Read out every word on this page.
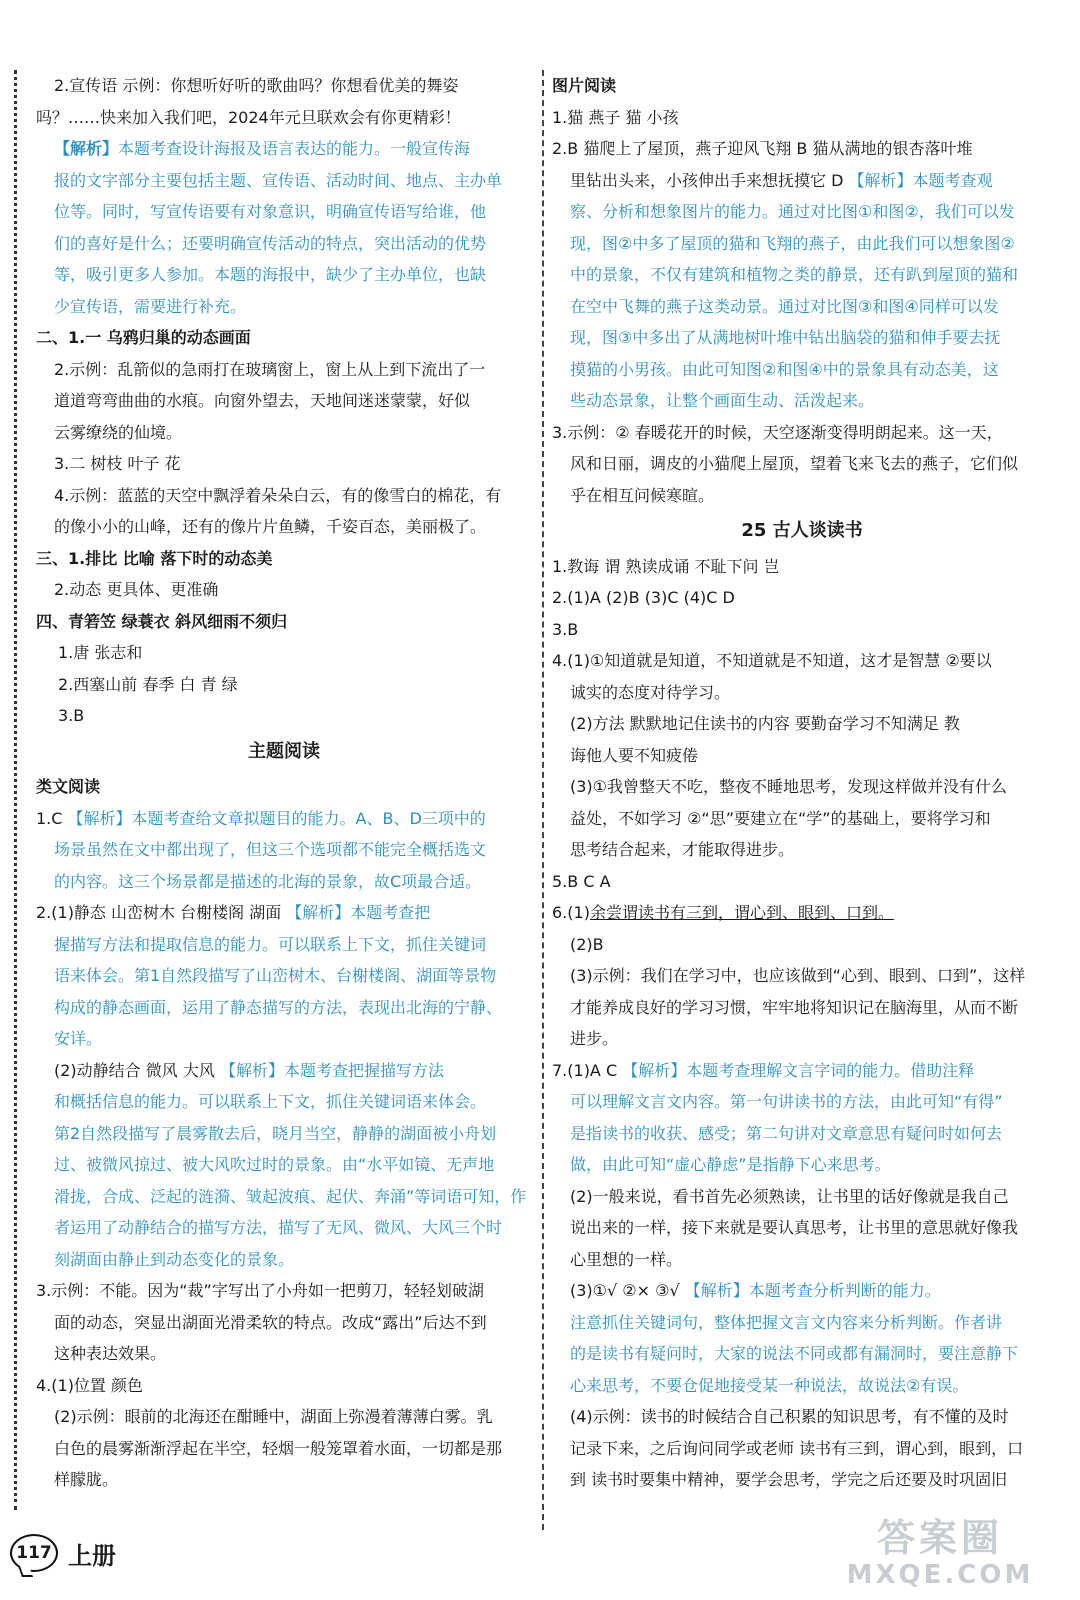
2.宣传语 示例：你想听好听的歌曲吗？你想看优美的舞姿
吗？……快来加入我们吧，2024年元旦联欢会有你更精彩！
【解析】本题考查设计海报及语言表达的能力。一般宣传海
报的文字部分主要包括主题、宣传语、活动时间、地点、主办单
位等。同时，写宣传语要有对象意识，明确宣传语写给谁，他
们的喜好是什么；还要明确宣传活动的特点，突出活动的优势
等，吸引更多人参加。本题的海报中，缺少了主办单位，也缺
少宣传语，需要进行补充。
二、1.一 乌鸦归巢的动态画面
2.示例：乱箭似的急雨打在玻璃窗上，窗上从上到下流出了一
道道弯弯曲曲的水痕。向窗外望去，天地间迷迷蒙蒙，好似
云雾缭绕的仙境。
3.二 树枝 叶子 花
4.示例：蓝蓝的天空中飘浮着朵朵白云，有的像雪白的棉花，有
的像小小的山峰，还有的像片片鱼鳞，千姿百态，美丽极了。
三、1.排比 比喻 落下时的动态美
2.动态 更具体、更准确
四、青箬笠 绿蓑衣 斜风细雨不须归
1.唐 张志和
2.西塞山前 春季 白 青 绿
3.B
主题阅读
类文阅读
1.C 【解析】本题考查给文章拟题目的能力。A、B、D三项中的
场景虽然在文中都出现了，但这三个选项都不能完全概括选文
的内容。这三个场景都是描述的北海的景象，故C项最合适。
2.(1)静态 山峦树木 台榭楼阁 湖面 【解析】本题考查把
握描写方法和提取信息的能力。可以联系上下文，抓住关键词
语来体会。第1自然段描写了山峦树木、台榭楼阁、湖面等景物
构成的静态画面，运用了静态描写的方法，表现出北海的宁静、
安详。
(2)动静结合 微风 大风 【解析】本题考查把握描写方法
和概括信息的能力。可以联系上下文，抓住关键词语来体会。
第2自然段描写了晨雾散去后，晓月当空，静静的湖面被小舟划
过、被微风掠过、被大风吹过时的景象。由“水平如镜、无声地
滑拢，合成、泛起的涟漪、皱起波痕、起伏、奔涌”等词语可知，作
者运用了动静结合的描写方法，描写了无风、微风、大风三个时
刻湖面由静止到动态变化的景象。
3.示例：不能。因为“裁”字写出了小舟如一把剪刀，轻轻划破湖
面的动态，突显出湖面光滑柔软的特点。改成“露出”后达不到
这种表达效果。
4.(1)位置 颜色
(2)示例：眼前的北海还在酣睡中，湖面上弥漫着薄薄白雾。乳
白色的晨雾渐渐浮起在半空，轻烟一般笼罩着水面，一切都是那
样朦胧。
图片阅读
1.猫 燕子 猫 小孩
2.B 猫爬上了屋顶，燕子迎风飞翔 B 猫从满地的银杏落叶堆
里钻出头来，小孩伸出手来想抚摸它 D 【解析】本题考查观
察、分析和想象图片的能力。通过对比图①和图②，我们可以发
现，图②中多了屋顶的猫和飞翔的燕子，由此我们可以想象图②
中的景象，不仅有建筑和植物之类的静景，还有趴到屋顶的猫和
在空中飞舞的燕子这类动景。通过对比图③和图④同样可以发
现，图③中多出了从满地树叶堆中钻出脑袋的猫和伸手要去抚
摸猫的小男孩。由此可知图②和图④中的景象具有动态美，这
些动态景象，让整个画面生动、活泼起来。
3.示例：② 春暖花开的时候，天空逐渐变得明朗起来。这一天，
风和日丽，调皮的小猫爬上屋顶，望着飞来飞去的燕子，它们似
乎在相互问候寒暄。
25 古人谈读书
1.教诲 谓 熟读成诵 不耻下问 岂
2.(1)A (2)B (3)C (4)C D
3.B
4.(1)①知道就是知道，不知道就是不知道，这才是智慧 ②要以
诚实的态度对待学习。
(2)方法 默默地记住读书的内容 要勤奋学习不知满足 教
诲他人要不知疲倦
(3)①我曾整天不吃，整夜不睡地思考，发现这样做并没有什么
益处，不如学习 ②“思”要建立在“学”的基础上，要将学习和
思考结合起来，才能取得进步。
5.B C A
6.(1)余尝谓读书有三到，谓心到、眼到、口到。
(2)B
(3)示例：我们在学习中，也应该做到“心到、眼到、口到”，这样
才能养成良好的学习习惯，牢牢地将知识记在脑海里，从而不断
进步。
7.(1)A C 【解析】本题考查理解文言字词的能力。借助注释
可以理解文言文内容。第一句讲读书的方法，由此可知“有得”
是指读书的收获、感受；第二句讲对文章意思有疑问时如何去
做，由此可知“虚心静虑”是指静下心来思考。
(2)一般来说，看书首先必须熟读，让书里的话好像就是我自己
说出来的一样，接下来就是要认真思考，让书里的意思就好像我
心里想的一样。
(3)①√ ②× ③√ 【解析】本题考查分析判断的能力。
注意抓住关键词句，整体把握文言文内容来分析判断。作者讲
的是读书有疑问时，大家的说法不同或都有漏洞时，要注意静下
心来思考，不要仓促地接受某一种说法，故说法②有误。
(4)示例：读书的时候结合自己积累的知识思考，有不懂的及时
记录下来，之后询问同学或老师 读书有三到，谓心到，眼到，口
到 读书时要集中精神，要学会思考，学完之后还要及时巩固旧
117 上册	答案圈
MXQE.COM
